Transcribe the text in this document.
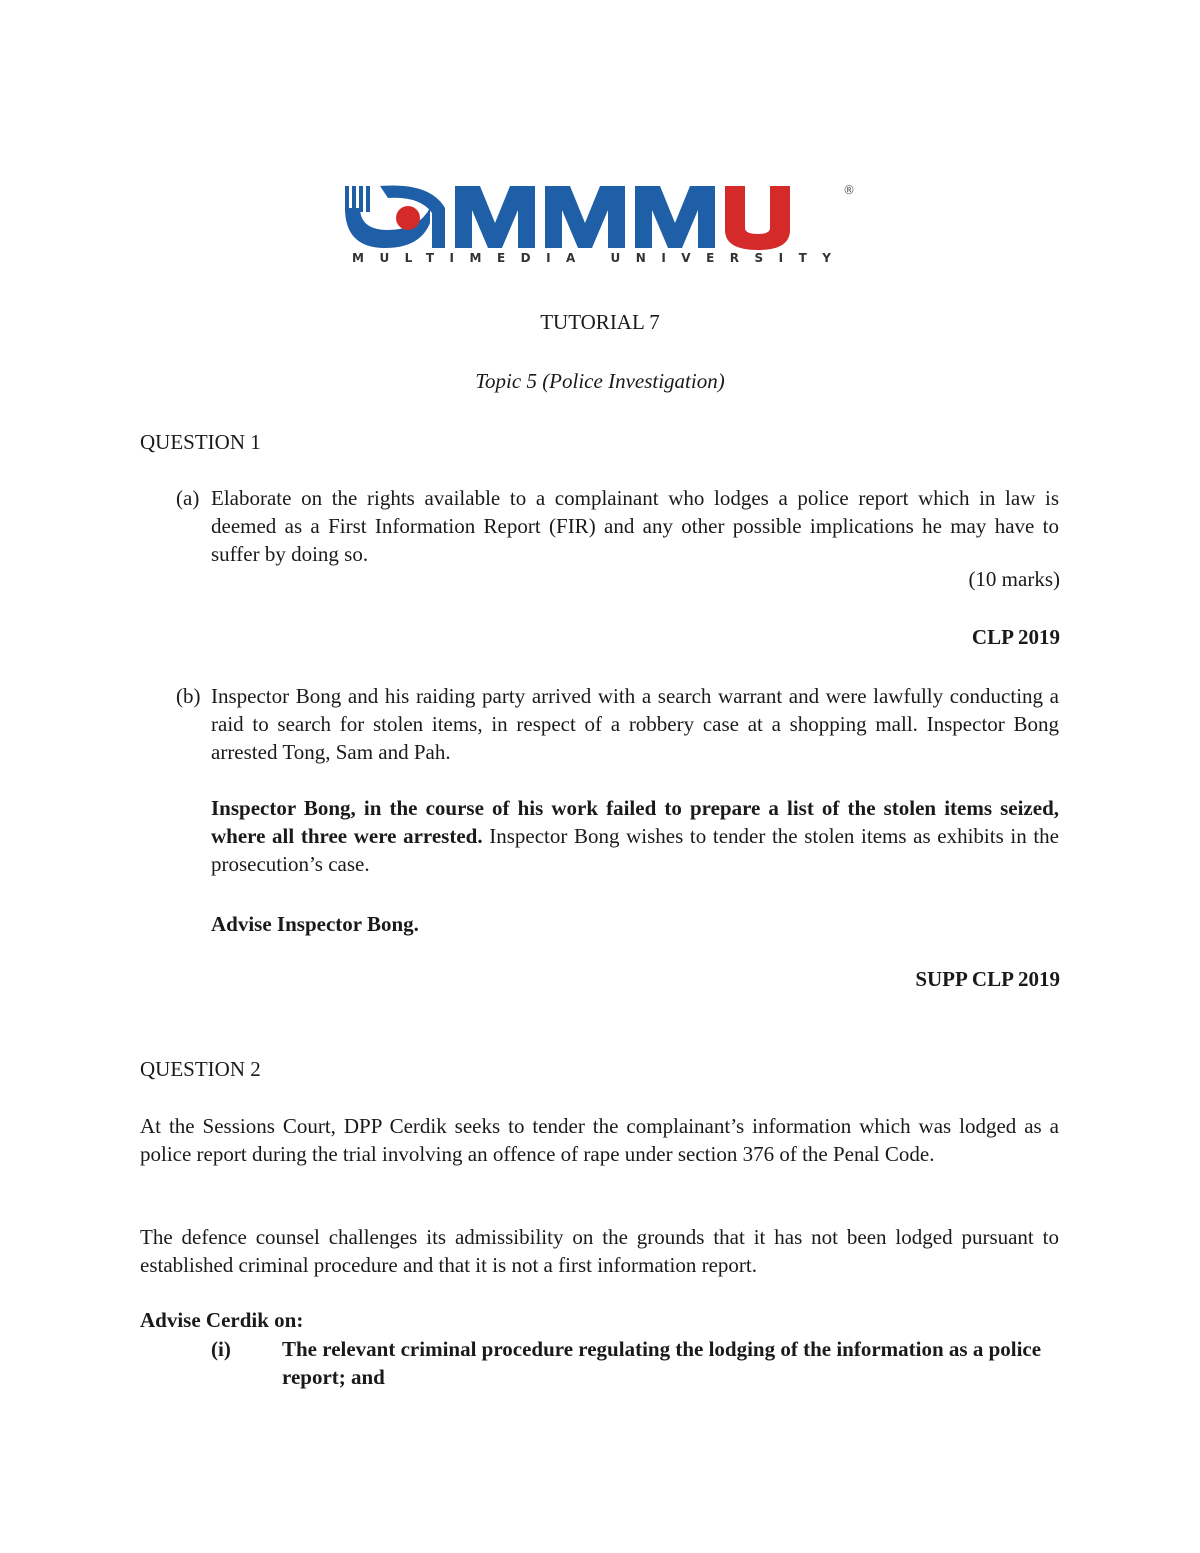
®
MULTIMEDIA UNIVERSITY
TUTORIAL 7
Topic 5 (Police Investigation)
QUESTION 1
(a) Elaborate on the rights available to a complainant who lodges a police report which in law is deemed as a First Information Report (FIR) and any other possible implications he may have to suffer by doing so.
(10 marks)
CLP 2019
(b) Inspector Bong and his raiding party arrived with a search warrant and were lawfully conducting a raid to search for stolen items, in respect of a robbery case at a shopping mall. Inspector Bong arrested Tong, Sam and Pah.
Inspector Bong, in the course of his work failed to prepare a list of the stolen items seized, where all three were arrested. Inspector Bong wishes to tender the stolen items as exhibits in the prosecution’s case.
Advise Inspector Bong.
SUPP CLP 2019
QUESTION 2
At the Sessions Court, DPP Cerdik seeks to tender the complainant’s information which was lodged as a police report during the trial involving an offence of rape under section 376 of the Penal Code.
The defence counsel challenges its admissibility on the grounds that it has not been lodged pursuant to established criminal procedure and that it is not a first information report.
Advise Cerdik on:
(i) The relevant criminal procedure regulating the lodging of the information as a police report; and
